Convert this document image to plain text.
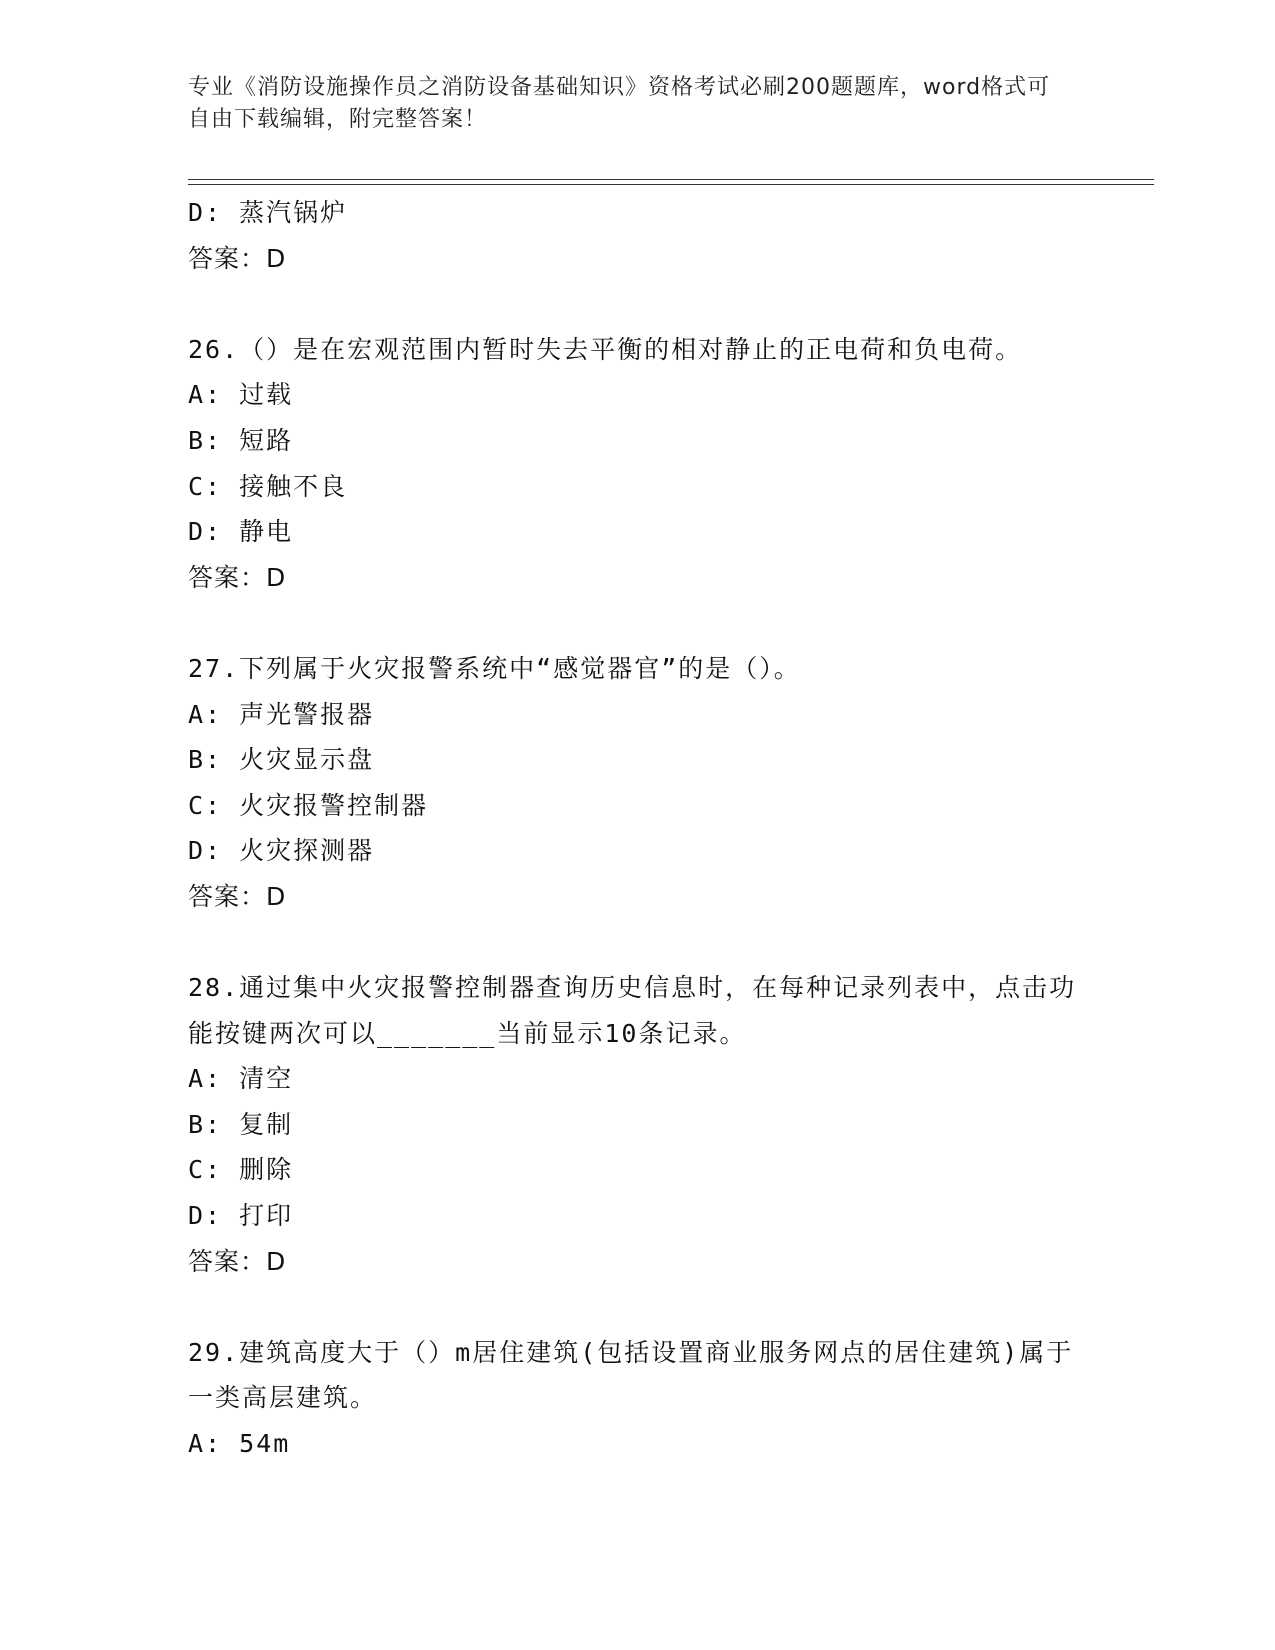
专业《消防设施操作员之消防设备基础知识》资格考试必刷200题题库，word格式可自由下载编辑，附完整答案！
D: 蒸汽锅炉
答案：D
26.（）是在宏观范围内暂时失去平衡的相对静止的正电荷和负电荷。
A: 过载
B: 短路
C: 接触不良
D: 静电
答案：D
27.下列属于火灾报警系统中“感觉器官”的是（）。
A: 声光警报器
B: 火灾显示盘
C: 火灾报警控制器
D: 火灾探测器
答案：D
28.通过集中火灾报警控制器查询历史信息时，在每种记录列表中，点击功能按键两次可以_______当前显示10条记录。
A: 清空
B: 复制
C: 删除
D: 打印
答案：D
29.建筑高度大于（）m居住建筑(包括设置商业服务网点的居住建筑)属于一类高层建筑。
A: 54m
